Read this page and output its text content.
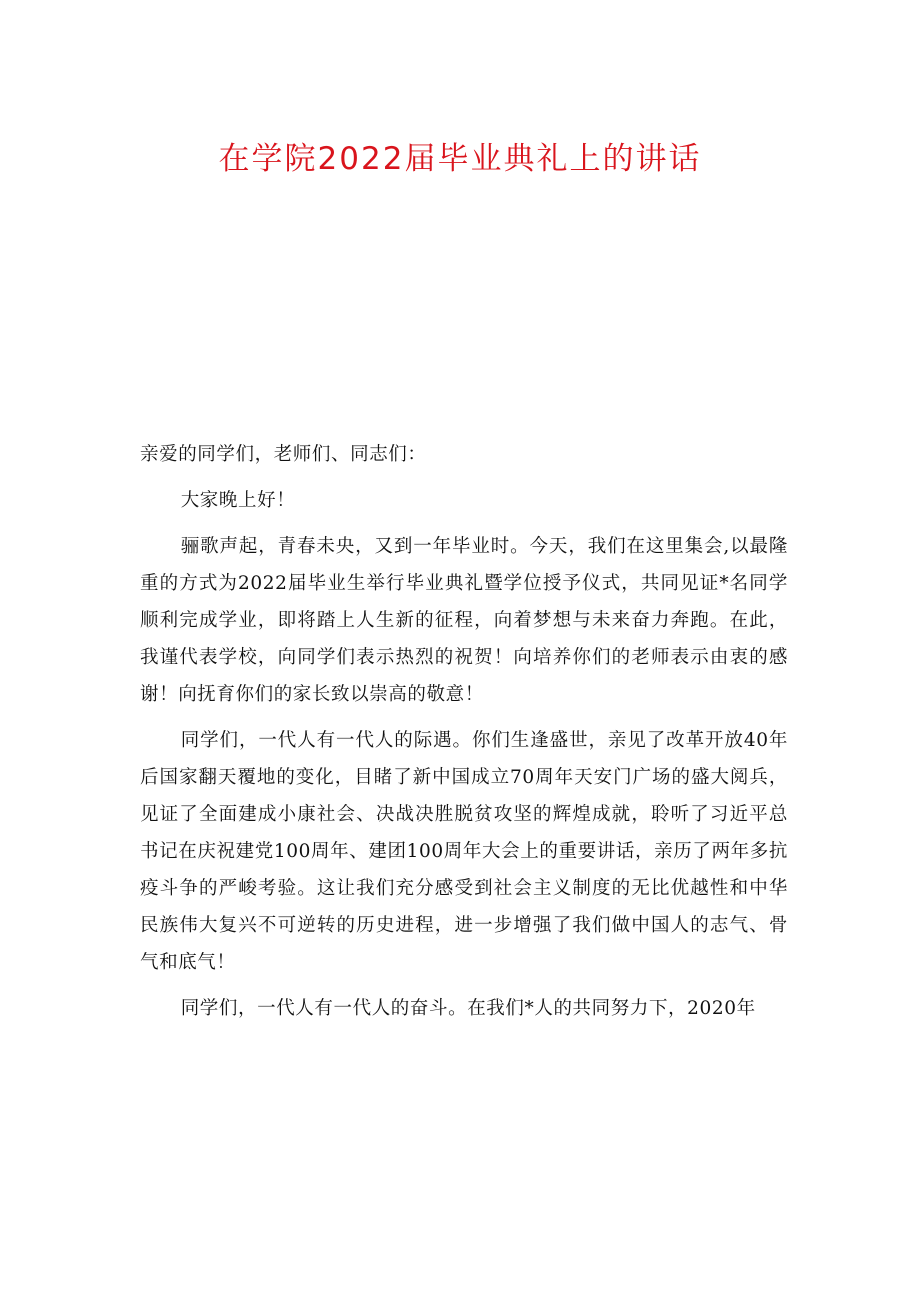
在学院2022届毕业典礼上的讲话

亲爱的同学们，老师们、同志们：

大家晚上好！

骊歌声起，青春未央，又到一年毕业时。今天，我们在这里集会,以最隆重的方式为2022届毕业生举行毕业典礼暨学位授予仪式，共同见证*名同学顺利完成学业，即将踏上人生新的征程，向着梦想与未来奋力奔跑。在此，我谨代表学校，向同学们表示热烈的祝贺！向培养你们的老师表示由衷的感谢！向抚育你们的家长致以崇高的敬意！

同学们，一代人有一代人的际遇。你们生逢盛世，亲见了改革开放40年后国家翻天覆地的变化，目睹了新中国成立70周年天安门广场的盛大阅兵，见证了全面建成小康社会、决战决胜脱贫攻坚的辉煌成就，聆听了习近平总书记在庆祝建党100周年、建团100周年大会上的重要讲话，亲历了两年多抗疫斗争的严峻考验。这让我们充分感受到社会主义制度的无比优越性和中华民族伟大复兴不可逆转的历史进程，进一步增强了我们做中国人的志气、骨气和底气！

同学们，一代人有一代人的奋斗。在我们*人的共同努力下，2020年
